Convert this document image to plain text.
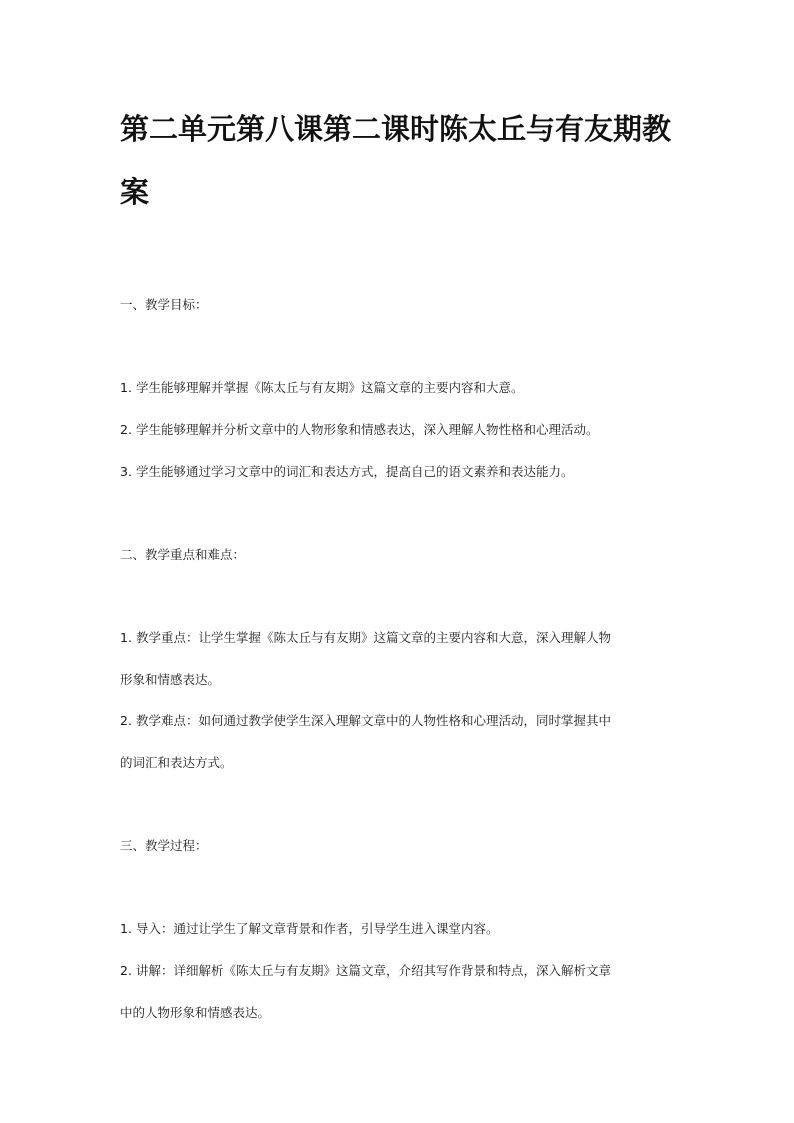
第二单元第八课第二课时陈太丘与有友期教
案

一、教学目标：

1. 学生能够理解并掌握《陈太丘与有友期》这篇文章的主要内容和大意。

2. 学生能够理解并分析文章中的人物形象和情感表达，深入理解人物性格和心理活动。

3. 学生能够通过学习文章中的词汇和表达方式，提高自己的语文素养和表达能力。

二、教学重点和难点：

1. 教学重点：让学生掌握《陈太丘与有友期》这篇文章的主要内容和大意，深入理解人物

形象和情感表达。

2. 教学难点：如何通过教学使学生深入理解文章中的人物性格和心理活动，同时掌握其中

的词汇和表达方式。

三、教学过程：

1. 导入：通过让学生了解文章背景和作者，引导学生进入课堂内容。

2. 讲解：详细解析《陈太丘与有友期》这篇文章，介绍其写作背景和特点，深入解析文章

中的人物形象和情感表达。
